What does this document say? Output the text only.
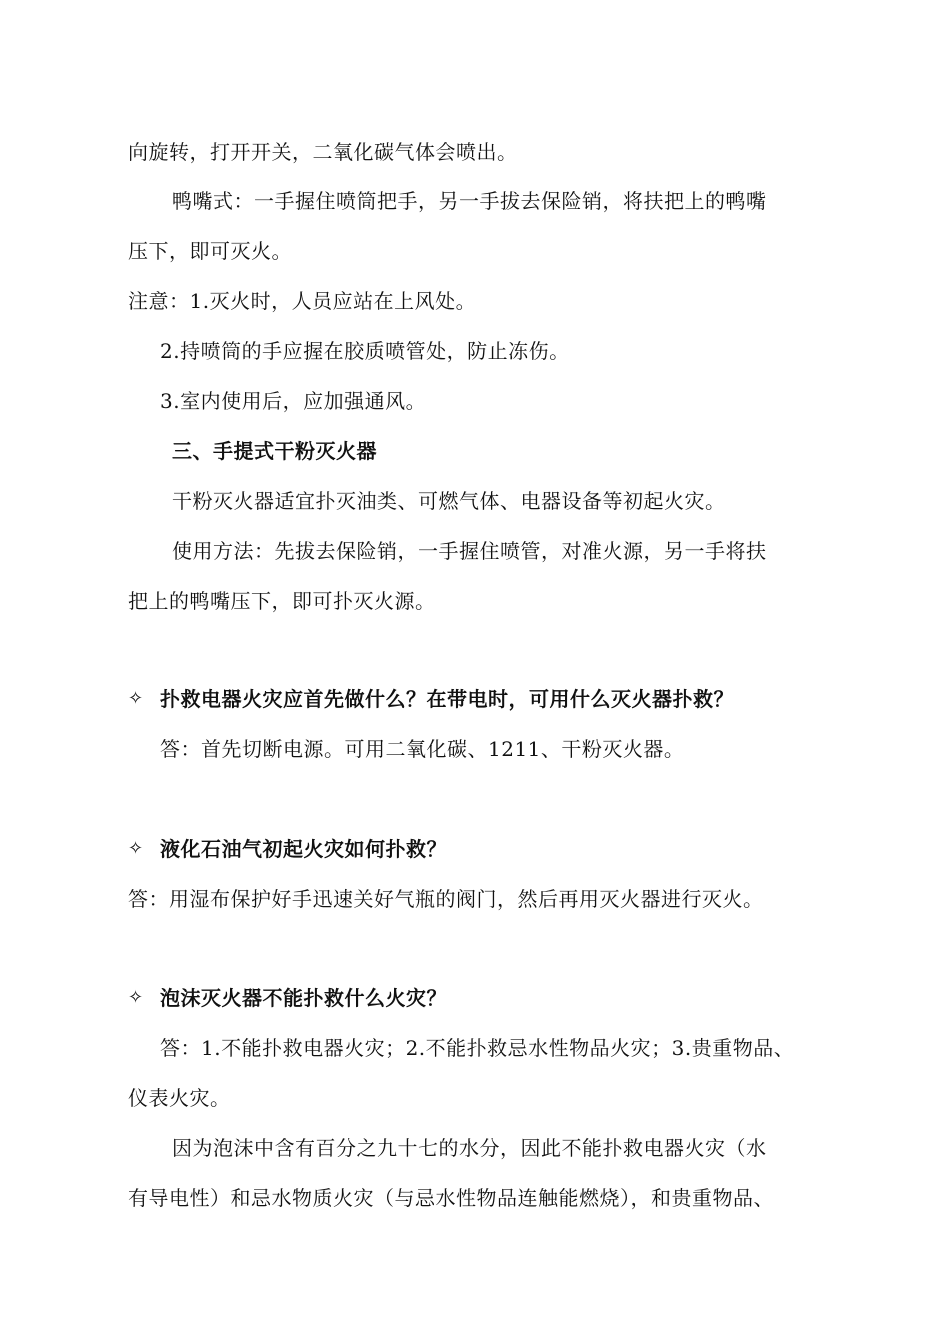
向旋转，打开开关，二氧化碳气体会喷出。
鸭嘴式：一手握住喷筒把手，另一手拔去保险销，将扶把上的鸭嘴
压下，即可灭火。
注意：1.灭火时，人员应站在上风处。
2.持喷筒的手应握在胶质喷管处，防止冻伤。
3.室内使用后，应加强通风。
三、手提式干粉灭火器
干粉灭火器适宜扑灭油类、可燃气体、电器设备等初起火灾。
使用方法：先拔去保险销，一手握住喷管，对准火源，另一手将扶
把上的鸭嘴压下，即可扑灭火源。
✧ 扑救电器火灾应首先做什么？在带电时，可用什么灭火器扑救？
答：首先切断电源。可用二氧化碳、1211、干粉灭火器。
✧ 液化石油气初起火灾如何扑救？
答：用湿布保护好手迅速关好气瓶的阀门，然后再用灭火器进行灭火。
✧ 泡沫灭火器不能扑救什么火灾？
答：1.不能扑救电器火灾；2.不能扑救忌水性物品火灾；3.贵重物品、
仪表火灾。
因为泡沫中含有百分之九十七的水分，因此不能扑救电器火灾（水
有导电性）和忌水物质火灾（与忌水性物品连触能燃烧），和贵重物品、
